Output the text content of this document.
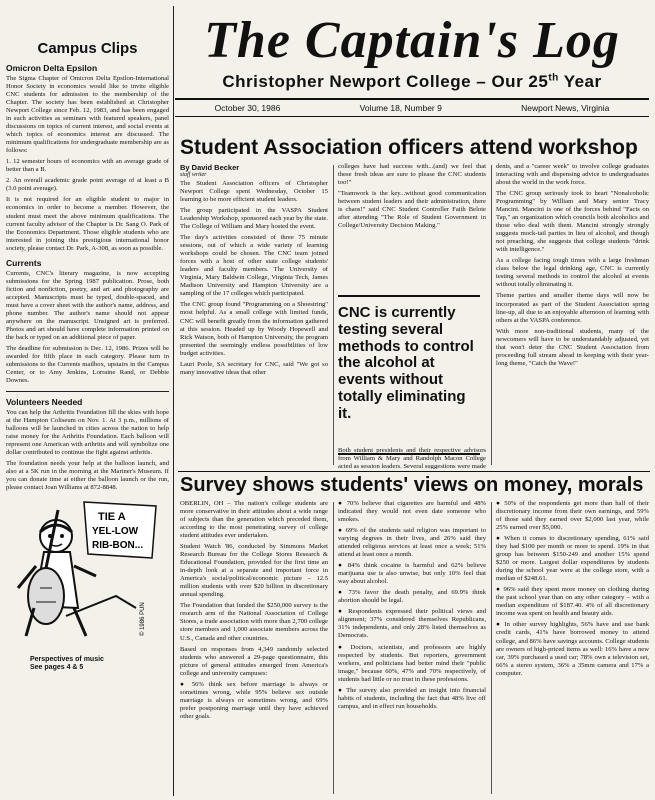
Campus Clips
Omicron Delta Epsilon

The Sigma Chapter of Omicron Delta Epsilon-International Honor Society in economics would like to invite eligible CNC students for admission to the membership of the Chapter. The society has been established at Christopher Newport College since Feb. 12, 1983, and has been engaged in such activities as seminars with featured speakers, panel discussions on topics of current interest, and social events at which topics of economics interest are discussed. The minimum qualifications for undergraduate membership are as follows:

1. 12 semester hours of economics with an average grade of better than a B.

2. An overall academic grade point average of at least a B (3.0 point average).

It is not required for an eligible student to major in economics in order to become a member. However, the student must meet the above minimum qualifications. The current faculty advisor of the Chapter is Dr. Sang O. Park of the Economics Department. Those eligible students who are interested in joining this prestigious international honor society, please contact Dr. Park, A-308, as soon as possible.

Currents

Currents, CNC's literary magazine, is now accepting submissions for the Spring 1987 publication. Prose, both fiction and nonfiction, poetry, and art and photography are accepted. Manuscripts must be typed, double-spaced, and must have a cover sheet with the author's name, address, and phone number. The author's name should not appear anywhere on the manuscript. Unsigned art is preferred. Photos and art should have complete information printed on the back or typed on an additional piece of paper.

The deadline for submission is Dec. 12, 1986. Prizes will be awarded for fifth place in each category. Please turn in submissions to the Currents mailbox, upstairs in the Campus Center, or to Amy Jenkins, Lorraine Rand, or Debbie Downes.

Volunteers Needed

You can help the Arthritis Foundation fill the skies with hope at the Hampton Coliseum on Nov. 1. At 3 p.m., millions of balloons will be launched in cities across the nation to help raise money for the Arthritis Foundation. Each balloon will represent one American with arthritis and will symbolize one dollar contributed to continue the fight against arthritis.

The foundation needs your help at the balloon launch, and also at a 5K run in the morning at the Mariner's Museum. If you can donate time at either the balloon launch or the run, please contact Joan Williams at 872-8848.

TIE A
YEL-LOW
RIB-BON...
© 1986 PUN
Perspectives of music
See pages 4 & 5
The Captain's Log
Christopher Newport College – Our 25th Year
October 30, 1986	Volume 18, Number 9	Newport News, Virginia
Student Association officers attend workshop
By David Becker
staff writer

The Student Association officers of Christopher Newport College spent Wednesday, October 15 learning to be more efficient student leaders.

The group participated in the VASPA Student Leadership Workshop, sponsored each year by the state. The College of William and Mary hosted the event.

The day's activities consisted of three 75 minute sessions, out of which a wide variety of learning workshops could be chosen. The CNC team joined forces with a host of other state college students' leaders and faculty members. The University of Virginia, Mary Baldwin College, Virginia Tech, James Madison University and Hampton University are a sampling of the 17 colleges which participated.

The CNC group found "Programming on a Shoestring" most helpful. As a small college with limited funds, CNC will benefit greatly from the information gathered at this session. Headed up by Woody Hopewell and Rick Watson, both of Hampton University, the program presented the seemingly endless possibilities of low budget activities.

Lauri Poole, SA secretary for CNC, said "We got so many innovative ideas that other

colleges have had success with...(and) we feel that these fresh ideas are sure to please the CNC students too!"

"Teamwork is the key...without good communication between student leaders and their administration, there is chaos!" said CNC Student Controller Faith Belote after attending "The Role of Student Government in College/University Decision Making."

CNC is currently testing several methods to control the alcohol at events without totally eliminating it.

Both student presidents and their respective advisors from William & Mary and Randolph Macon College acted as session leaders. Several suggestions were made

dents, and a "career week" to involve college graduates interacting with and dispensing advice to undergraduates about the world in the work force.

The CNC group seriously took to heart "Nonalcoholic Programming" by William and Mary senior Tracy Mancini. Mancini is one of the forces behind "Facts on Tap," an organization which councils both alcoholics and those who deal with them. Mancini strongly strongly suggests mock-tail parties in lieu of alcohol, and though not preaching, she suggests that college students "drink with intelligence."

As a college facing tough times with a large freshman class below the legal drinking age, CNC is currently testing several methods to control the alcohol at events without totally eliminating it.

Theme parties and smaller theme days will now be incorporated as part of the Student Association spring line-up, all due to an enjoyable afternoon of learning with others at the VASPA conference.

With more non-traditional students, many of the newcomers will have to be understandably adjusted, yet that won't deter the CNC Student Association from proceeding full stream ahead in keeping with their year-long theme, "Catch the Wave!"

Survey shows students' views on money, morals

OBERLIN, OH – The nation's college students are more conservative in their attitudes about a wide range of subjects than the generation which preceded them, according to the most penetrating survey of college student attitudes ever undertaken.

Student Watch '86, conducted by Simmons Market Research Bureau for the College Stores Research & Educational Foundation, provided for the first time an in-depth look at a separate and important force in America's social/political/economic picture – 12.5 million students with over $20 billion in discretionary annual spending.

The Foundation that funded the $250,000 survey is the research arm of the National Association of College Stores, a trade association with more than 2,700 college store members and 1,000 associate members across the U.S., Canada and other countries.

Based on responses from 4,349 randomly selected students who answered a 29-page questionnaire, this picture of general attitudes emerged from America's college and university campuses:

● 56% think sex before marriage is always or sometimes wrong, while 95% believe sex outside marriage is always or sometimes wrong, and 69% prefer postponing marriage until they have achieved other goals.

● 70% believe that cigarettes are harmful and 48% indicated they would not even date someone who smokes.

● 69% of the students said religion was important to varying degrees in their lives, and 26% said they attended religious services at least once a week; 51% attend at least once a month.

● 84% think cocaine is harmful and 62% believe marijuana use is also unwise, but only 10% feel that way about alcohol.

● 73% favor the death penalty, and 69.9% think abortion should be legal.

● Respondents expressed their political views and alignment; 37% considered themselves Republicans, 31% independents, and only 28% listed themselves as Democrats.

● Doctors, scientists, and professors are highly respected by students. But reporters, government workers, and politicians had better mind their "public image," because 60%, 47% and 70% respectively, of students had little or no trust in these professions.

● The survey also provided an insight into financial habits of students, including the fact that 48% live off campus, and in effect run households.

● 50% of the respondents get more than half of their discretionary income from their own earnings, and 59% of those said they earned over $2,000 last year, while 25% earned over $5,000.

● When it comes to discretionary spending, 61% said they had $100 per month or more to spend. 19% in that group has between $150-249 and another 15% spend $250 or more. Largest dollar expenditures by students during the school year were at the college store, with a median of $248.61.

● 96% said they spent more money on clothing during the past school year than on any other category – with a median expenditure of $187.40. 4% of all discretionary income was spent on health and beauty aids.

● In other survey highlights, 56% have and use bank credit cards, 41% have borrowed money to attend college, and 86% have savings accounts. College students are owners of high-priced items as well: 16% have a new car, 39% purchased a used car; 78% own a television set, 66% a stereo system, 36% a 35mm camera and 17% a computer.
